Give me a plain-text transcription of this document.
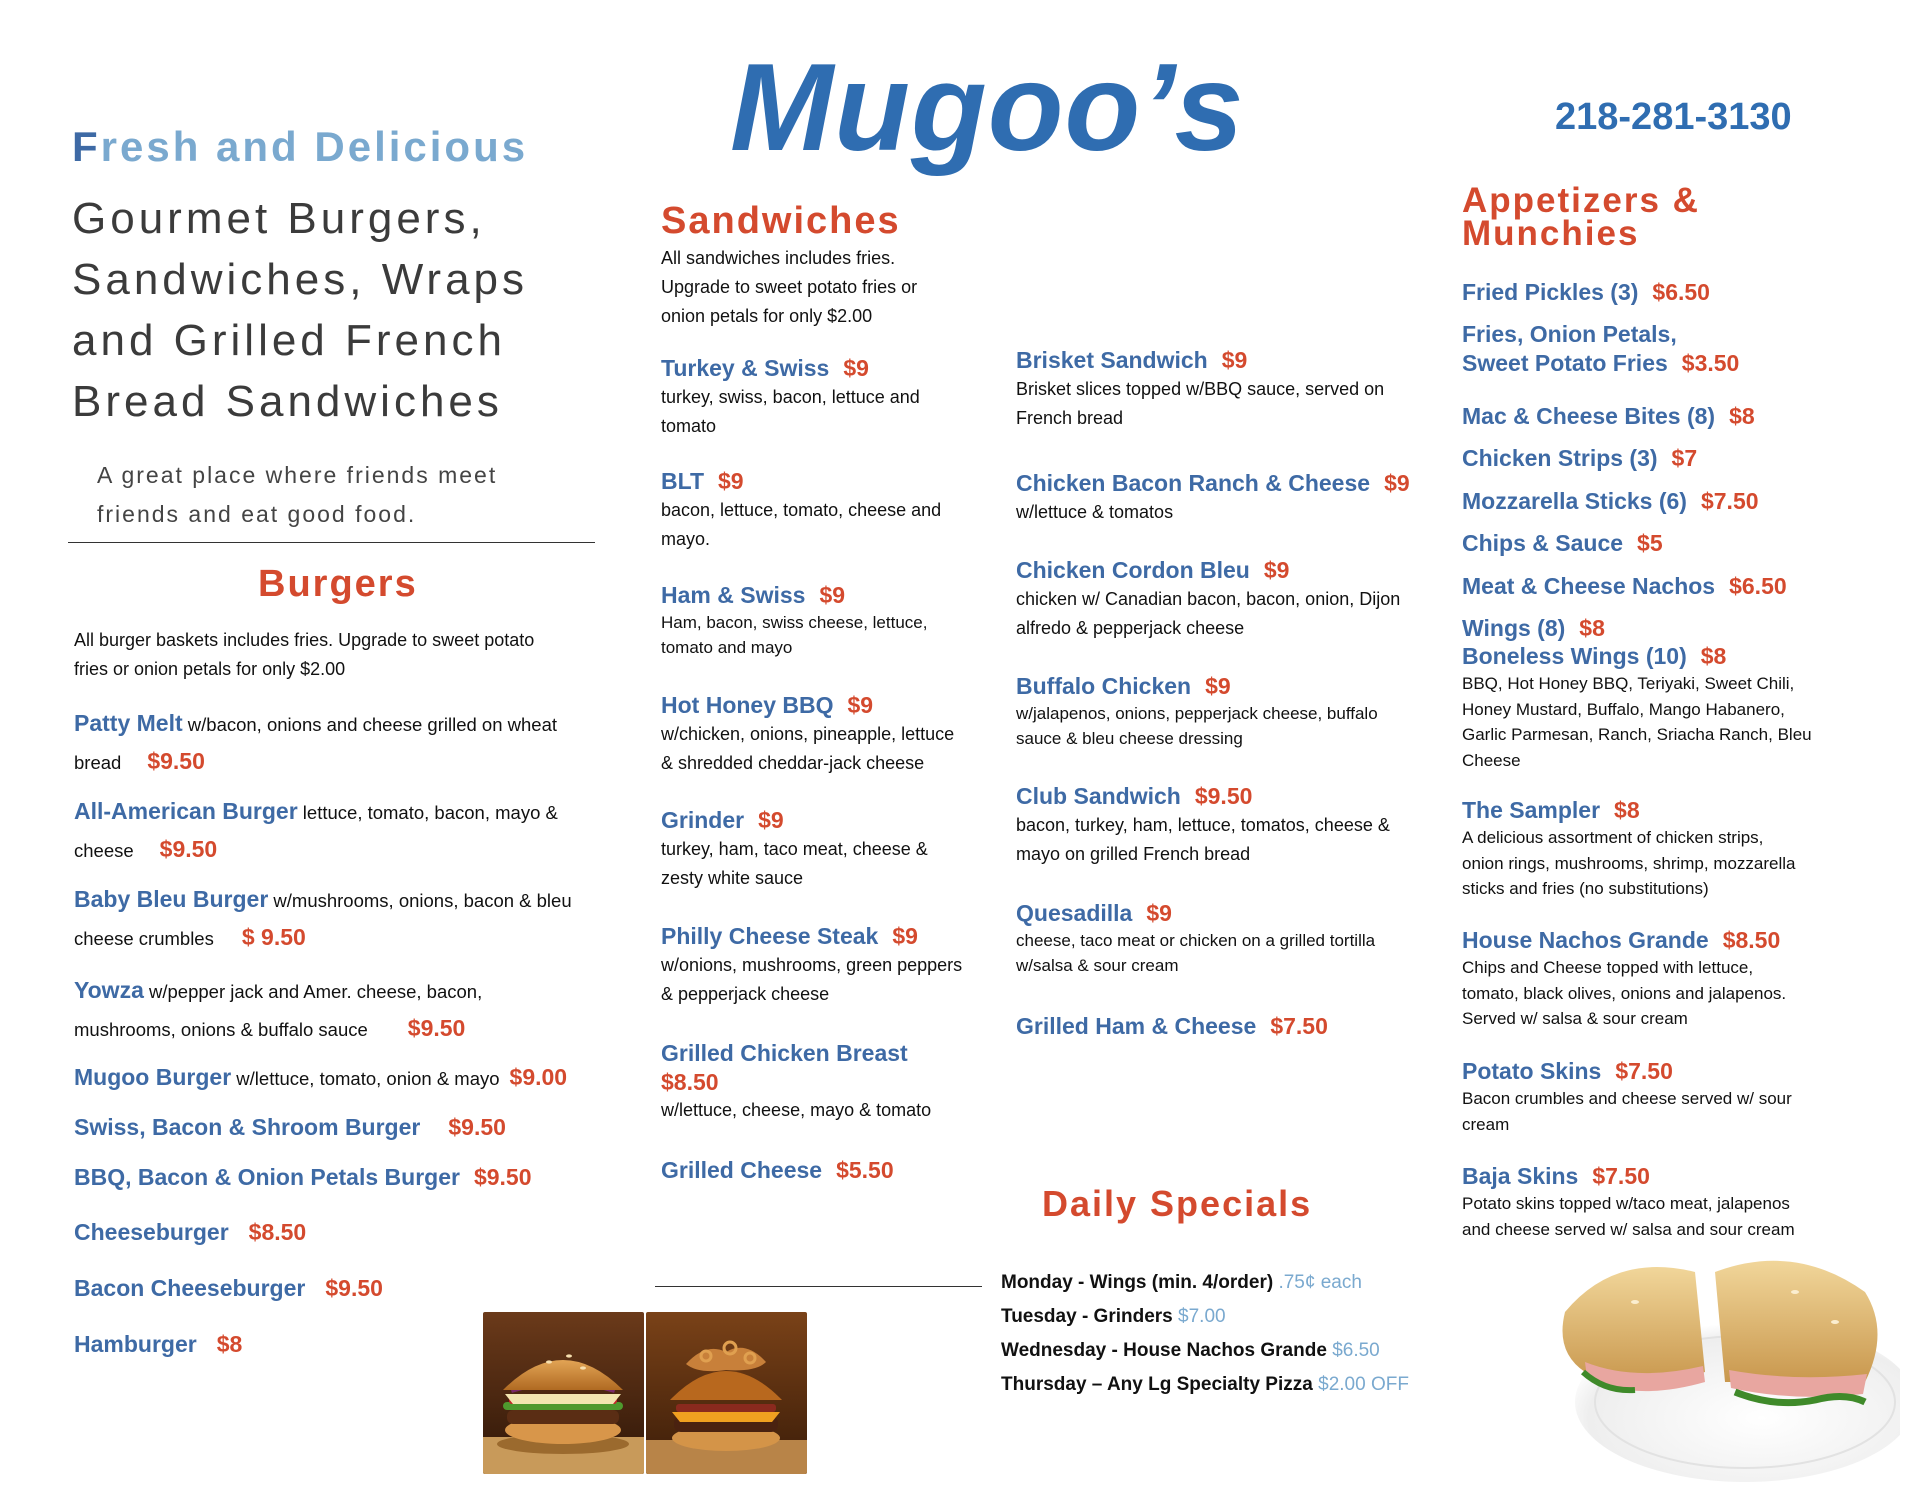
Mugoo’s	218-281-3130
Fresh and Delicious
Gourmet Burgers,
Sandwiches, Wraps
and Grilled French
Bread Sandwiches
A great place where friends meet
friends and eat good food.
Burgers
All burger baskets includes fries. Upgrade to sweet potato
fries or onion petals for only $2.00
Patty Melt w/bacon, onions and cheese grilled on wheat
bread $9.50
All-American Burger lettuce, tomato, bacon, mayo &
cheese $9.50
Baby Bleu Burger w/mushrooms, onions, bacon & bleu
cheese crumbles $ 9.50
Yowza w/pepper jack and Amer. cheese, bacon,
mushrooms, onions & buffalo sauce $9.50
Mugoo Burger w/lettuce, tomato, onion & mayo $9.00
Swiss, Bacon & Shroom Burger $9.50
BBQ, Bacon & Onion Petals Burger $9.50
Cheeseburger $8.50
Bacon Cheeseburger $9.50
Hamburger $8
Sandwiches
All sandwiches includes fries.
Upgrade to sweet potato fries or
onion petals for only $2.00
Turkey & Swiss $9
turkey, swiss, bacon, lettuce and
tomato
BLT $9
bacon, lettuce, tomato, cheese and
mayo.
Ham & Swiss $9
Ham, bacon, swiss cheese, lettuce,
tomato and mayo
Hot Honey BBQ $9
w/chicken, onions, pineapple, lettuce
& shredded cheddar-jack cheese
Grinder $9
turkey, ham, taco meat, cheese &
zesty white sauce
Philly Cheese Steak $9
w/onions, mushrooms, green peppers
& pepperjack cheese
Grilled Chicken Breast
$8.50
w/lettuce, cheese, mayo & tomato
Grilled Cheese $5.50
Brisket Sandwich $9
Brisket slices topped w/BBQ sauce, served on
French bread
Chicken Bacon Ranch & Cheese $9
w/lettuce & tomatos
Chicken Cordon Bleu $9
chicken w/ Canadian bacon, bacon, onion, Dijon
alfredo & pepperjack cheese
Buffalo Chicken $9
w/jalapenos, onions, pepperjack cheese, buffalo
sauce & bleu cheese dressing
Club Sandwich $9.50
bacon, turkey, ham, lettuce, tomatos, cheese &
mayo on grilled French bread
Quesadilla $9
cheese, taco meat or chicken on a grilled tortilla
w/salsa & sour cream
Grilled Ham & Cheese $7.50
Daily Specials
Monday - Wings (min. 4/order) .75¢ each
Tuesday - Grinders $7.00
Wednesday - House Nachos Grande $6.50
Thursday – Any Lg Specialty Pizza $2.00 OFF
Appetizers &
Munchies
Fried Pickles (3) $6.50
Fries, Onion Petals,
Sweet Potato Fries $3.50
Mac & Cheese Bites (8) $8
Chicken Strips (3) $7
Mozzarella Sticks (6) $7.50
Chips & Sauce $5
Meat & Cheese Nachos $6.50
Wings (8) $8
Boneless Wings (10) $8
BBQ, Hot Honey BBQ, Teriyaki, Sweet Chili,
Honey Mustard, Buffalo, Mango Habanero,
Garlic Parmesan, Ranch, Sriacha Ranch, Bleu
Cheese
The Sampler $8
A delicious assortment of chicken strips,
onion rings, mushrooms, shrimp, mozzarella
sticks and fries (no substitutions)
House Nachos Grande $8.50
Chips and Cheese topped with lettuce,
tomato, black olives, onions and jalapenos.
Served w/ salsa & sour cream
Potato Skins $7.50
Bacon crumbles and cheese served w/ sour
cream
Baja Skins $7.50
Potato skins topped w/taco meat, jalapenos
and cheese served w/ salsa and sour cream
